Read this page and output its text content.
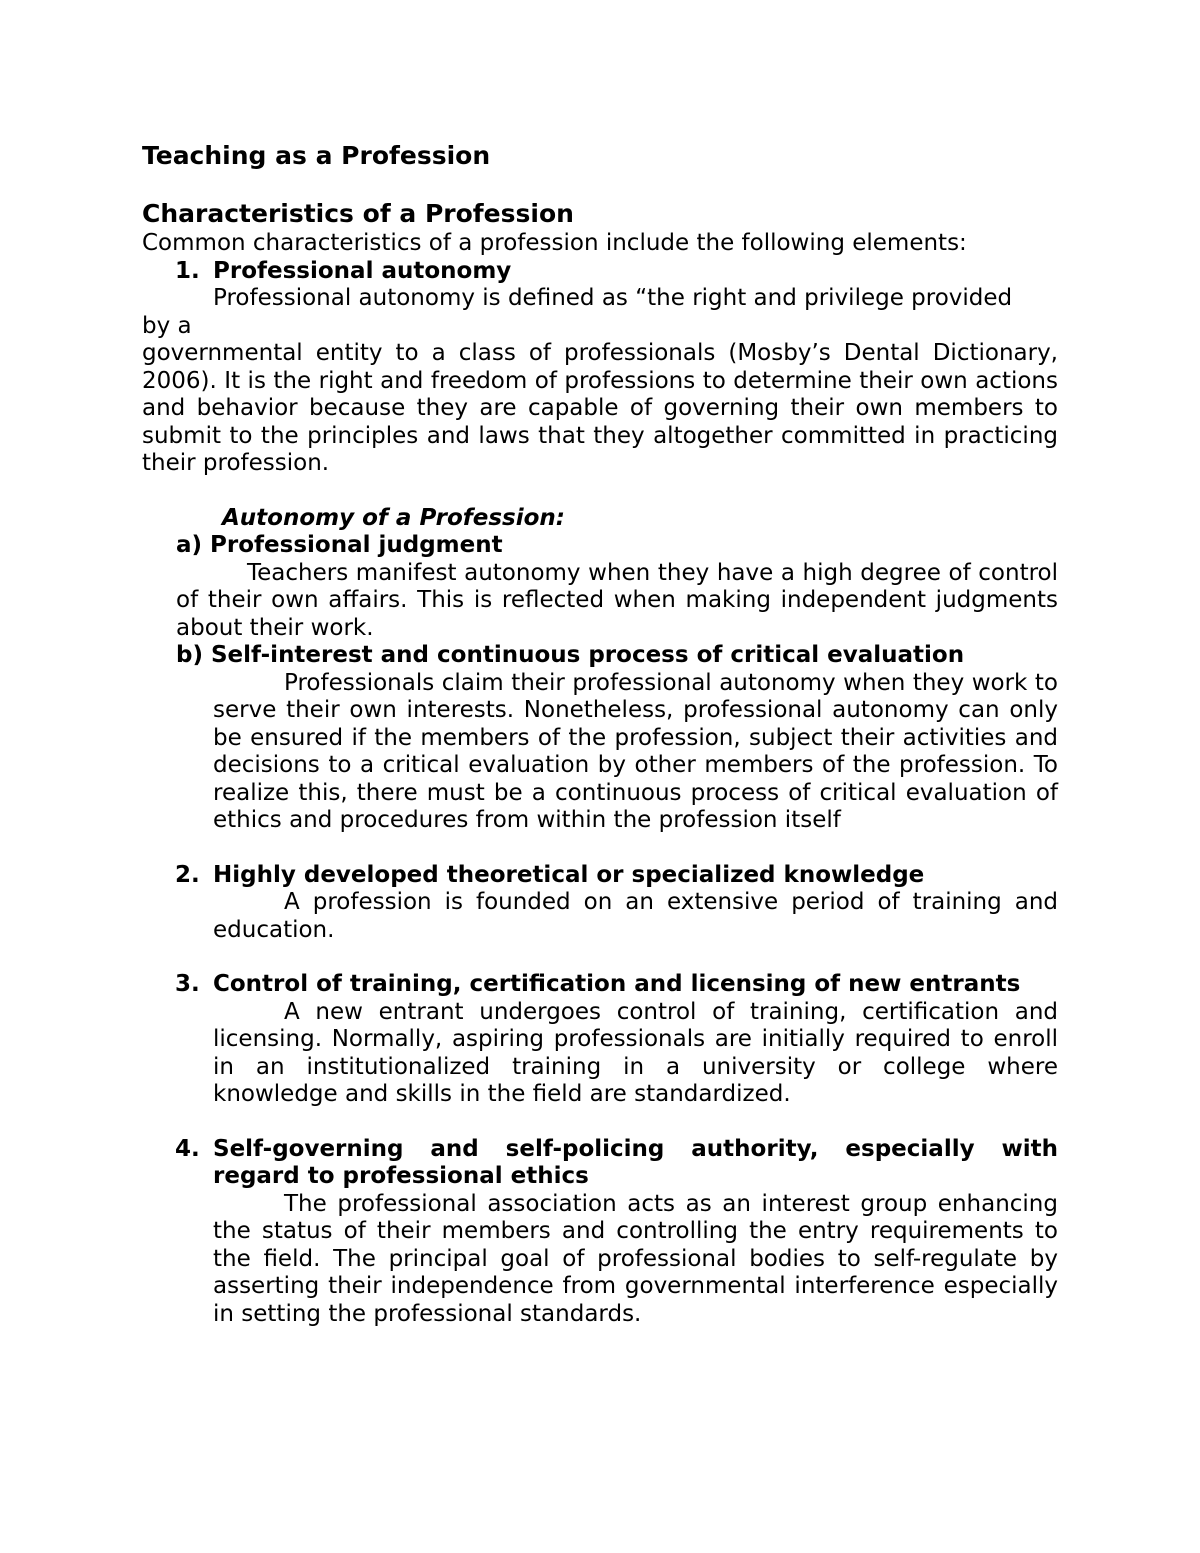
Teaching as a Profession

Characteristics of a Profession

Common characteristics of a profession include the following elements:

1. Professional autonomy

Professional autonomy is defined as “the right and privilege provided

by a

governmental entity to a class of professionals (Mosby’s Dental Dictionary, 2006). It is the right and freedom of professions to determine their own actions and behavior because they are capable of governing their own members to submit to the principles and laws that they altogether committed in practicing their profession.

Autonomy of a Profession:

a) Professional judgment

Teachers manifest autonomy when they have a high degree of control of their own affairs. This is reflected when making independent judgments about their work.

b) Self-interest and continuous process of critical evaluation

Professionals claim their professional autonomy when they work to serve their own interests. Nonetheless, professional autonomy can only be ensured if the members of the profession, subject their activities and decisions to a critical evaluation by other members of the profession. To realize this, there must be a continuous process of critical evaluation of ethics and procedures from within the profession itself

2. Highly developed theoretical or specialized knowledge

A profession is founded on an extensive period of training and education.

3. Control of training, certification and licensing of new entrants

A new entrant undergoes control of training, certification and licensing. Normally, aspiring professionals are initially required to enroll in an institutionalized training in a university or college where knowledge and skills in the field are standardized.

4. Self-governing and self-policing authority, especially with regard to professional ethics

The professional association acts as an interest group enhancing the status of their members and controlling the entry requirements to the field. The principal goal of professional bodies to self-regulate by asserting their independence from governmental interference especially in setting the professional standards.
